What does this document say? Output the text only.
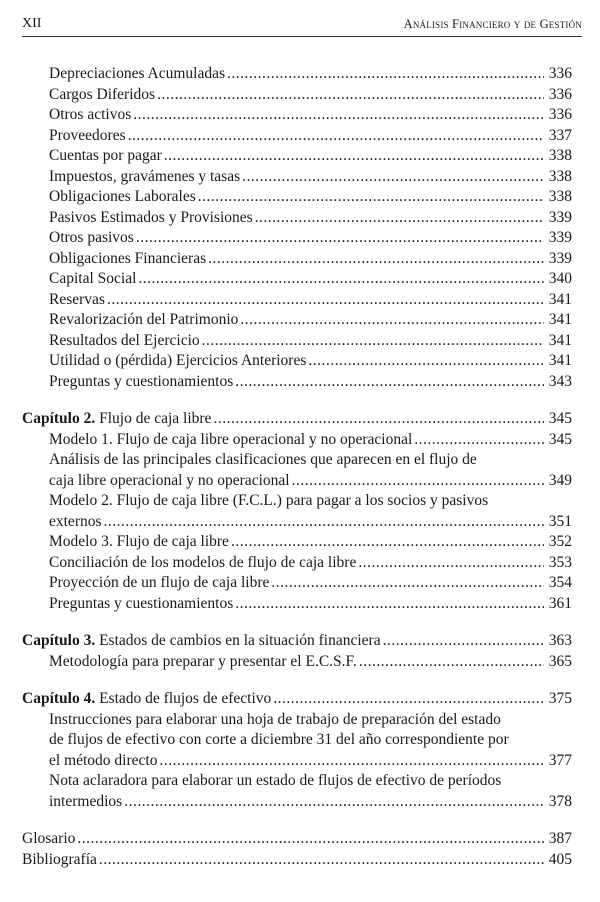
XII	Análisis Financiero y de Gestión
Depreciaciones Acumuladas .....	336
Cargos Diferidos .....	336
Otros activos .....	336
Proveedores .....	337
Cuentas por pagar .....	338
Impuestos, gravámenes y tasas .....	338
Obligaciones Laborales .....	338
Pasivos Estimados y Provisiones .....	339
Otros pasivos .....	339
Obligaciones Financieras .....	339
Capital Social .....	340
Reservas .....	341
Revalorización del Patrimonio .....	341
Resultados del Ejercicio .....	341
Utilidad o (pérdida) Ejercicios Anteriores .....	341
Preguntas y cuestionamientos .....	343
Capítulo 2. Flujo de caja libre .....	345
Modelo 1. Flujo de caja libre operacional y no operacional .....	345
Análisis de las principales clasificaciones que aparecen en el flujo de
caja libre operacional y no operacional .....	349
Modelo 2. Flujo de caja libre (F.C.L.) para pagar a los socios y pasivos
externos .....	351
Modelo 3. Flujo de caja libre .....	352
Conciliación de los modelos de flujo de caja libre .....	353
Proyección de un flujo de caja libre .....	354
Preguntas y cuestionamientos .....	361
Capítulo 3. Estados de cambios en la situación financiera .....	363
Metodología para preparar y presentar el E.C.S.F. .....	365
Capítulo 4. Estado de flujos de efectivo .....	375
Instrucciones para elaborar una hoja de trabajo de preparación del estado
de flujos de efectivo con corte a diciembre 31 del año correspondiente por
el método directo .....	377
Nota aclaradora para elaborar un estado de flujos de efectivo de períodos
intermedios .....	378
Glosario .....	387
Bibliografía .....	405
